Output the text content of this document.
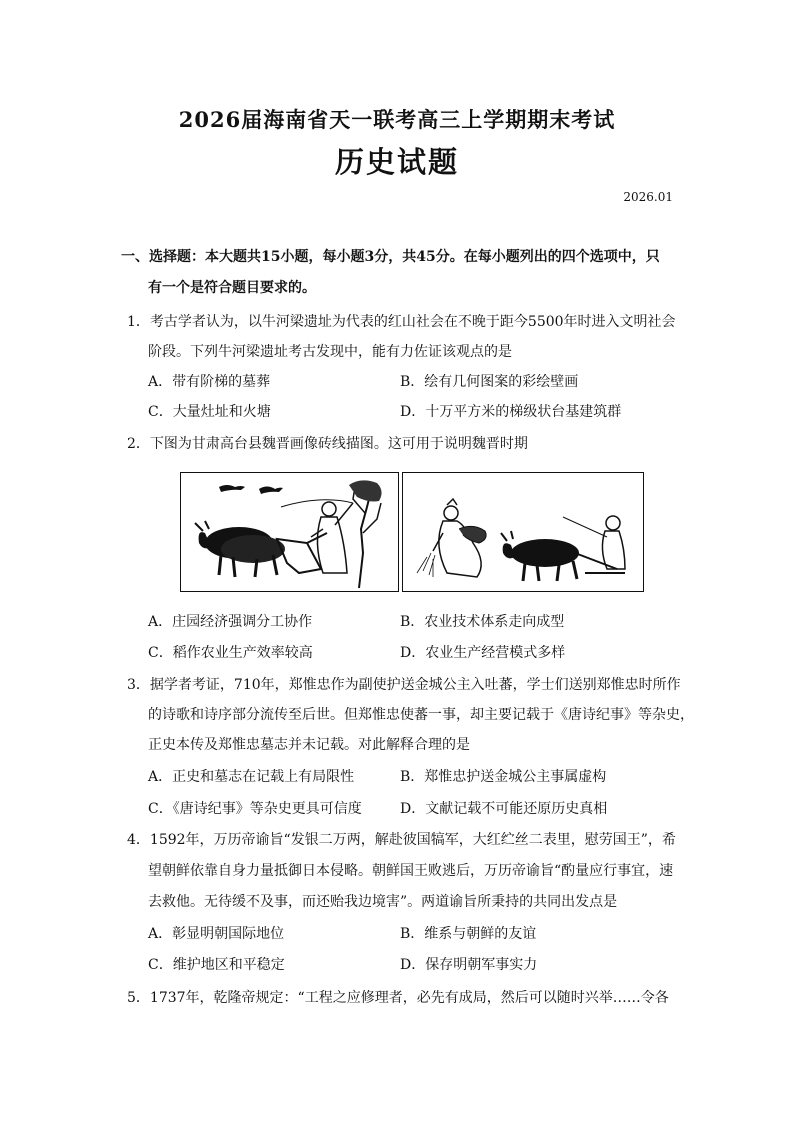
2026届海南省天一联考高三上学期期末考试
历史试题
2026.01
一、选择题：本大题共15小题，每小题3分，共45分。在每小题列出的四个选项中，只
有一个是符合题目要求的。
1．考古学者认为，以牛河梁遗址为代表的红山社会在不晚于距今5500年时进入文明社会
阶段。下列牛河梁遗址考古发现中，能有力佐证该观点的是
A．带有阶梯的墓葬	B．绘有几何图案的彩绘壁画
C．大量灶址和火塘	D．十万平方米的梯级状台基建筑群
2．下图为甘肃高台县魏晋画像砖线描图。这可用于说明魏晋时期
A．庄园经济强调分工协作	B．农业技术体系走向成型
C．稻作农业生产效率较高	D．农业生产经营模式多样
3．据学者考证，710年，郑惟忠作为副使护送金城公主入吐蕃，学士们送别郑惟忠时所作
的诗歌和诗序部分流传至后世。但郑惟忠使蕃一事，却主要记载于《唐诗纪事》等杂史，
正史本传及郑惟忠墓志并未记载。对此解释合理的是
A．正史和墓志在记载上有局限性	B．郑惟忠护送金城公主事属虚构
C．《唐诗纪事》等杂史更具可信度	D．文献记载不可能还原历史真相
4．1592年，万历帝谕旨“发银二万两，解赴彼国犒军，大红纻丝二表里，慰劳国王”，希
望朝鲜依靠自身力量抵御日本侵略。朝鲜国王败逃后，万历帝谕旨“酌量应行事宜，速
去救他。无待缓不及事，而还贻我边境害”。两道谕旨所秉持的共同出发点是
A．彰显明朝国际地位	B．维系与朝鲜的友谊
C．维护地区和平稳定	D．保存明朝军事实力
5．1737年，乾隆帝规定：“工程之应修理者，必先有成局，然后可以随时兴举……令各
